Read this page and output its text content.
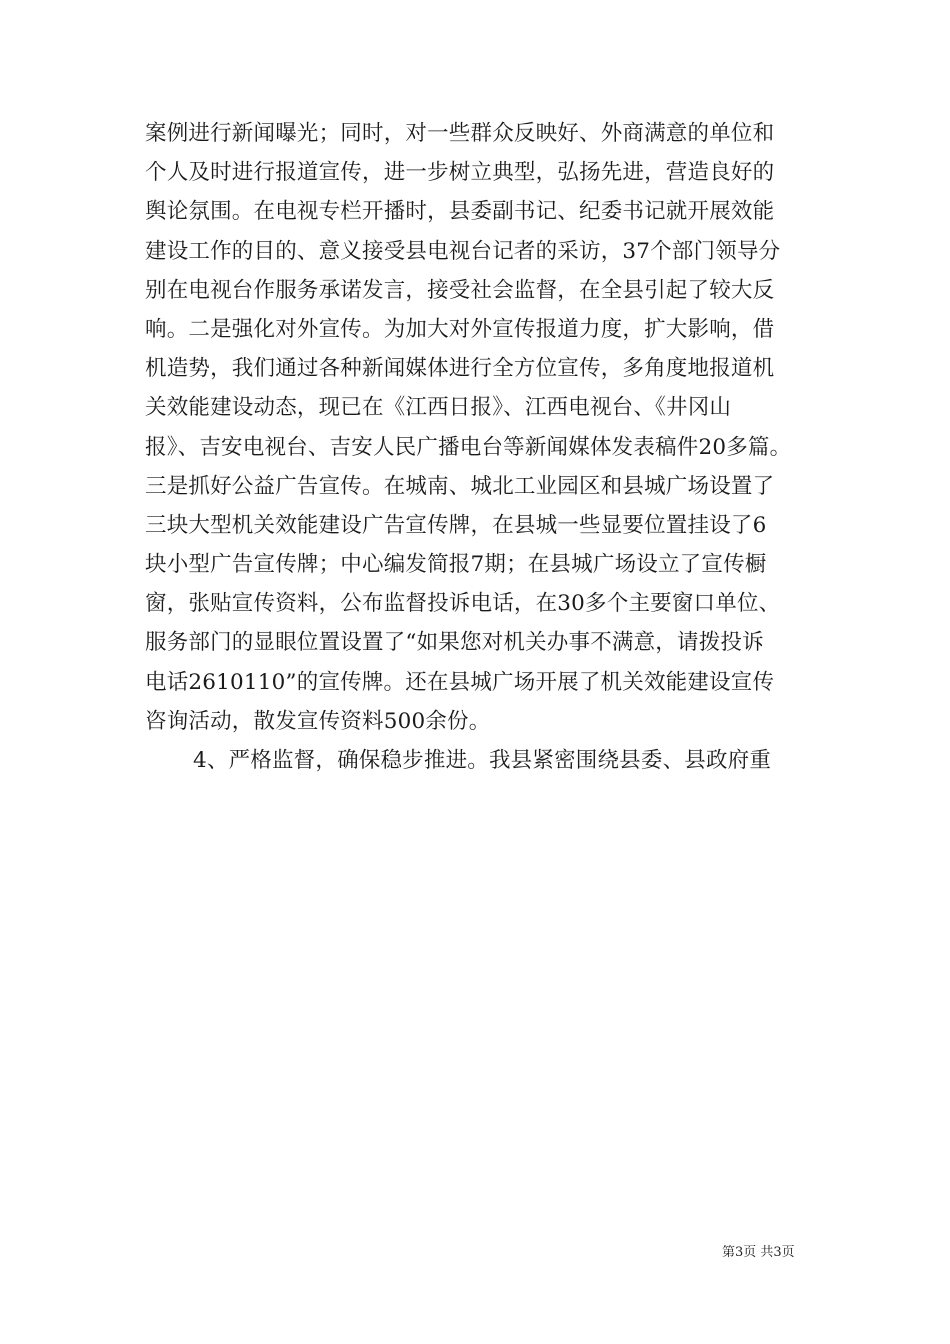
案例进行新闻曝光；同时，对一些群众反映好、外商满意的单位和
个人及时进行报道宣传，进一步树立典型，弘扬先进，营造良好的
舆论氛围。在电视专栏开播时，县委副书记、纪委书记就开展效能
建设工作的目的、意义接受县电视台记者的采访，37个部门领导分
别在电视台作服务承诺发言，接受社会监督，在全县引起了较大反
响。二是强化对外宣传。为加大对外宣传报道力度，扩大影响，借
机造势，我们通过各种新闻媒体进行全方位宣传，多角度地报道机
关效能建设动态，现已在《江西日报》、江西电视台、《井冈山
报》、吉安电视台、吉安人民广播电台等新闻媒体发表稿件20多篇。
三是抓好公益广告宣传。在城南、城北工业园区和县城广场设置了
三块大型机关效能建设广告宣传牌，在县城一些显要位置挂设了6
块小型广告宣传牌；中心编发简报7期；在县城广场设立了宣传橱
窗，张贴宣传资料，公布监督投诉电话，在30多个主要窗口单位、
服务部门的显眼位置设置了“如果您对机关办事不满意，请拨投诉
电话2610110”的宣传牌。还在县城广场开展了机关效能建设宣传
咨询活动，散发宣传资料500余份。
4、严格监督，确保稳步推进。我县紧密围绕县委、县政府重
第3页 共3页
